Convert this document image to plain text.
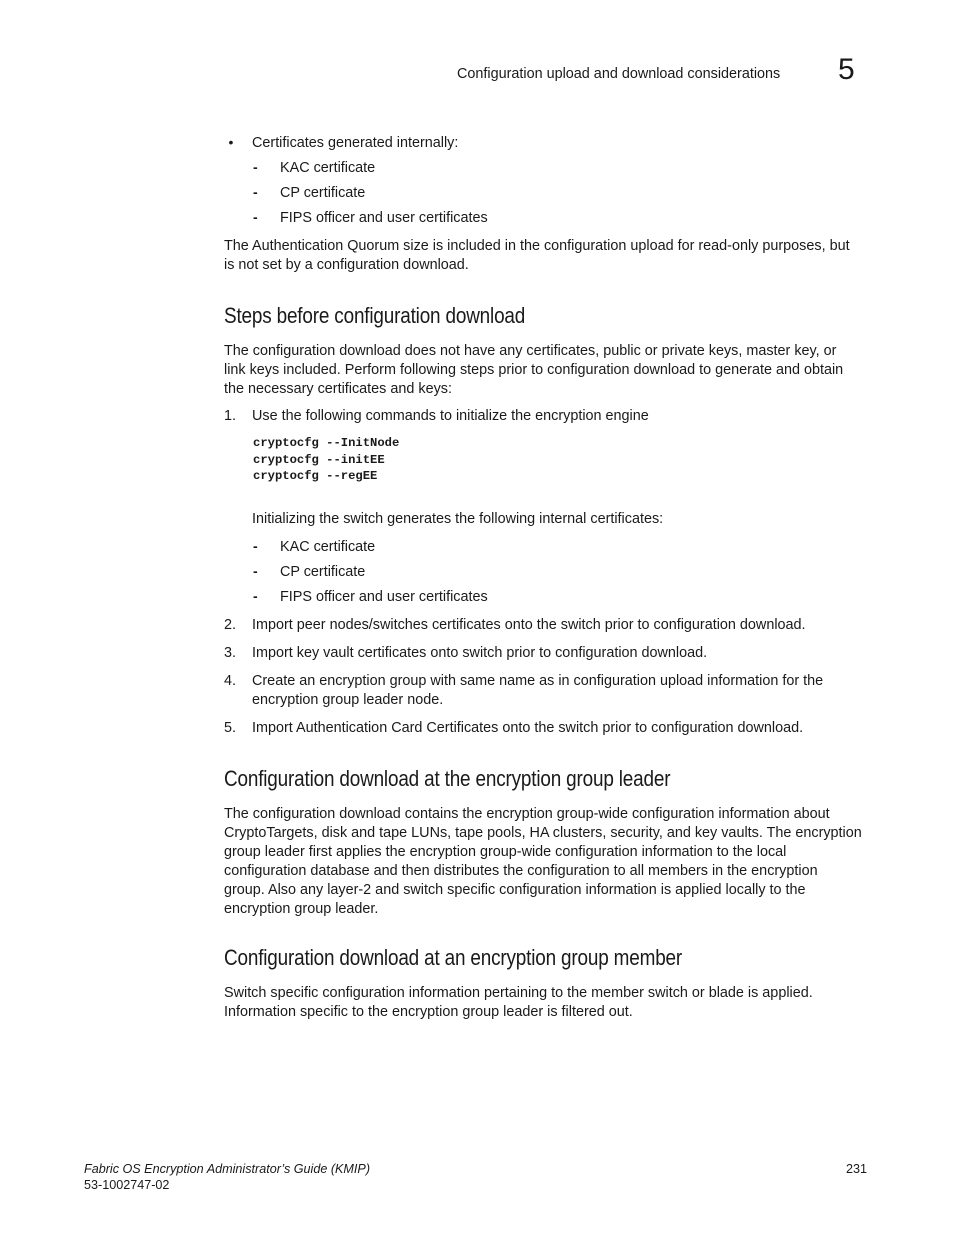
Configuration upload and download considerations 5
• Certificates generated internally:
- KAC certificate
- CP certificate
- FIPS officer and user certificates
The Authentication Quorum size is included in the configuration upload for read-only purposes, but
is not set by a configuration download.
Steps before configuration download
The configuration download does not have any certificates, public or private keys, master key, or
link keys included. Perform following steps prior to configuration download to generate and obtain
the necessary certificates and keys:
1.	Use the following commands to initialize the encryption engine
cryptocfg --InitNode
cryptocfg --initEE
cryptocfg --regEE
Initializing the switch generates the following internal certificates:
- KAC certificate
- CP certificate
- FIPS officer and user certificates
2.	Import peer nodes/switches certificates onto the switch prior to configuration download.
3.	Import key vault certificates onto switch prior to configuration download.
4.	Create an encryption group with same name as in configuration upload information for the
encryption group leader node.
5.	Import Authentication Card Certificates onto the switch prior to configuration download.
Configuration download at the encryption group leader
The configuration download contains the encryption group-wide configuration information about
CryptoTargets, disk and tape LUNs, tape pools, HA clusters, security, and key vaults. The encryption
group leader first applies the encryption group-wide configuration information to the local
configuration database and then distributes the configuration to all members in the encryption
group. Also any layer-2 and switch specific configuration information is applied locally to the
encryption group leader.
Configuration download at an encryption group member
Switch specific configuration information pertaining to the member switch or blade is applied.
Information specific to the encryption group leader is filtered out.
Fabric OS Encryption Administrator’s Guide (KMIP)
53-1002747-02
231
